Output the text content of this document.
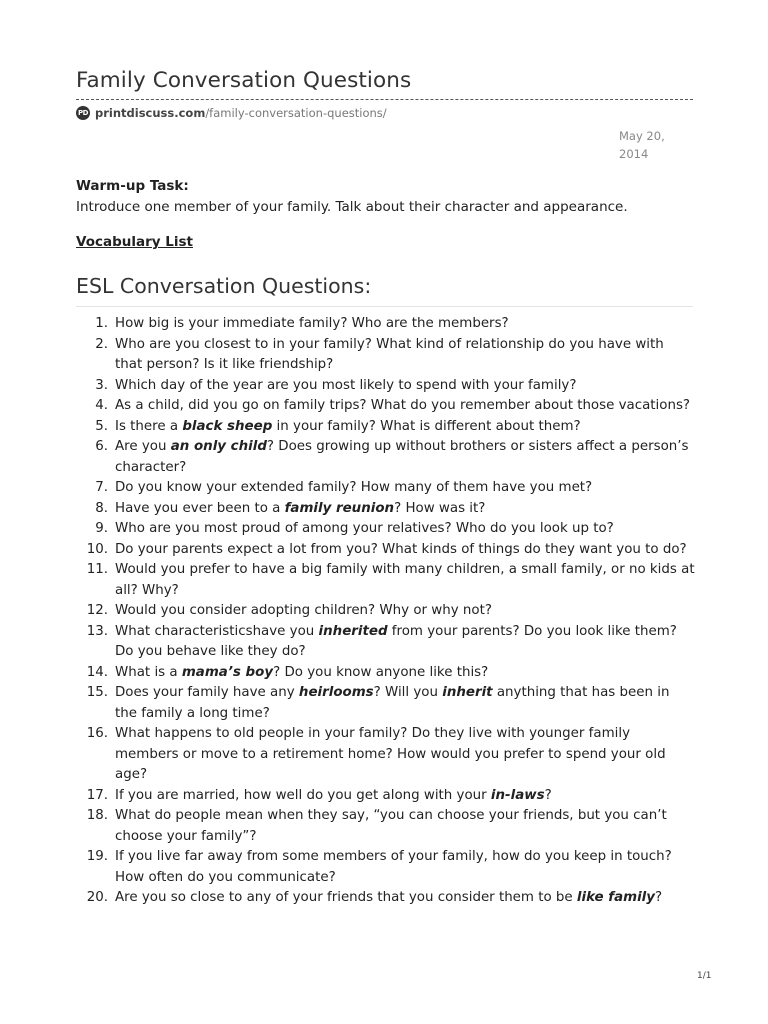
Family Conversation Questions
PD printdiscuss.com/family-conversation-questions/
May 20, 2014
Warm-up Task:
Introduce one member of your family. Talk about their character and appearance.
Vocabulary List
ESL Conversation Questions:
1. How big is your immediate family? Who are the members?
2. Who are you closest to in your family? What kind of relationship do you have with that person? Is it like friendship?
3. Which day of the year are you most likely to spend with your family?
4. As a child, did you go on family trips? What do you remember about those vacations?
5. Is there a black sheep in your family? What is different about them?
6. Are you an only child? Does growing up without brothers or sisters affect a person’s character?
7. Do you know your extended family? How many of them have you met?
8. Have you ever been to a family reunion? How was it?
9. Who are you most proud of among your relatives? Who do you look up to?
10. Do your parents expect a lot from you? What kinds of things do they want you to do?
11. Would you prefer to have a big family with many children, a small family, or no kids at all? Why?
12. Would you consider adopting children? Why or why not?
13. What characteristicshave you inherited from your parents? Do you look like them? Do you behave like they do?
14. What is a mama’s boy? Do you know anyone like this?
15. Does your family have any heirlooms? Will you inherit anything that has been in the family a long time?
16. What happens to old people in your family? Do they live with younger family members or move to a retirement home? How would you prefer to spend your old age?
17. If you are married, how well do you get along with your in-laws?
18. What do people mean when they say, “you can choose your friends, but you can’t choose your family”?
19. If you live far away from some members of your family, how do you keep in touch? How often do you communicate?
20. Are you so close to any of your friends that you consider them to be like family?
1/1
